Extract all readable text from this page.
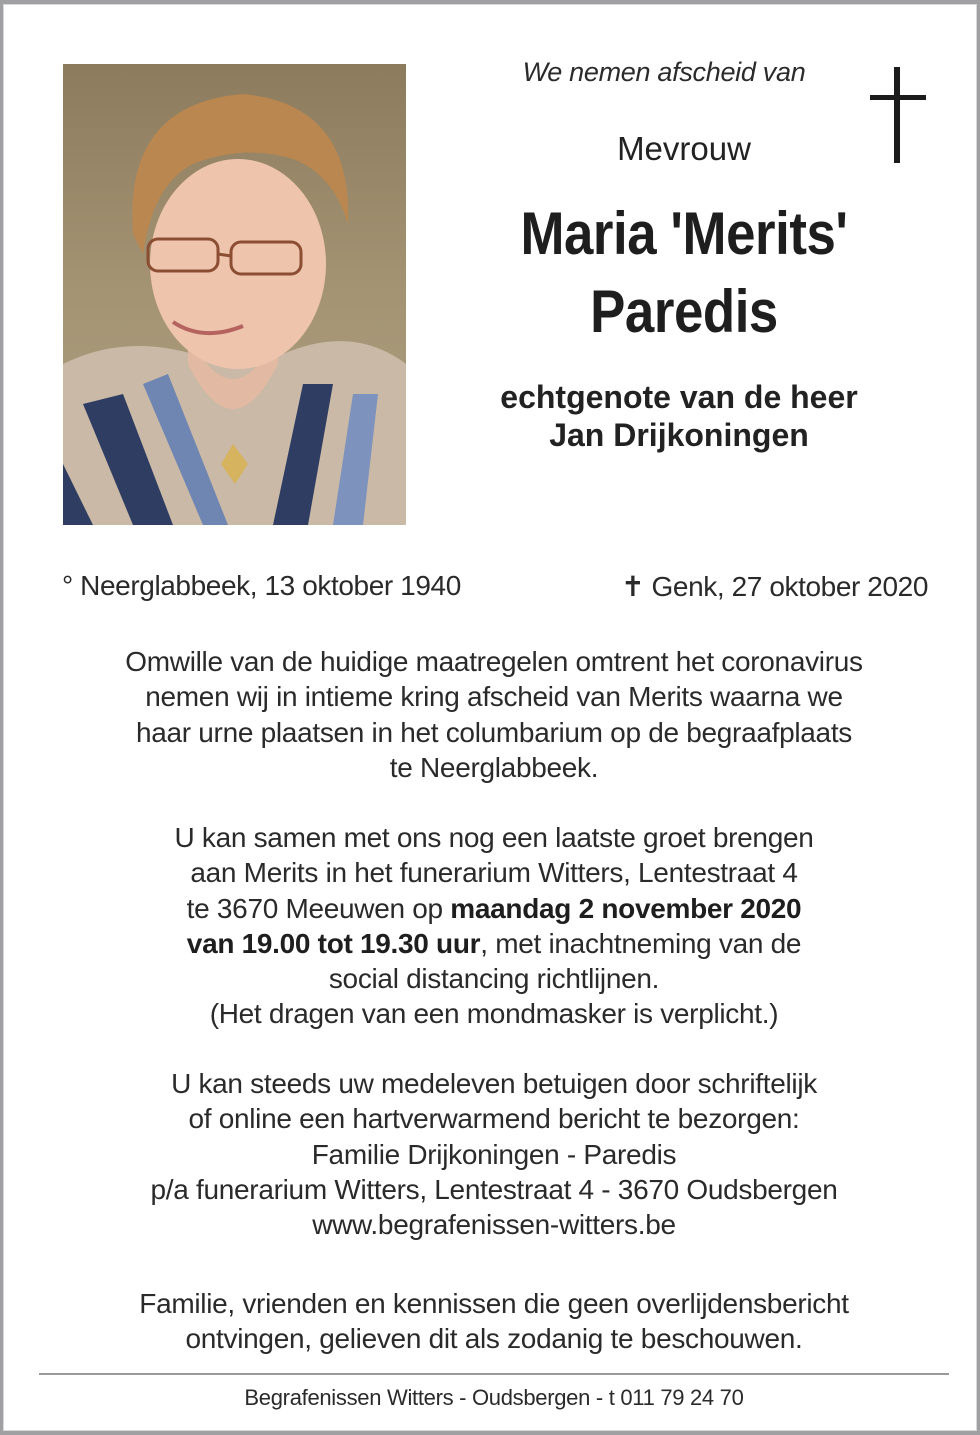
We nemen afscheid van
Mevrouw
Maria 'Merits'
Paredis
echtgenote van de heer
Jan Drijkoningen
° Neerglabbeek, 13 oktober 1940	✝ Genk, 27 oktober 2020
Omwille van de huidige maatregelen omtrent het coronavirus
nemen wij in intieme kring afscheid van Merits waarna we
haar urne plaatsen in het columbarium op de begraafplaats
te Neerglabbeek.
U kan samen met ons nog een laatste groet brengen
aan Merits in het funerarium Witters, Lentestraat 4
te 3670 Meeuwen op maandag 2 november 2020
van 19.00 tot 19.30 uur, met inachtneming van de
social distancing richtlijnen.
(Het dragen van een mondmasker is verplicht.)
U kan steeds uw medeleven betuigen door schriftelijk
of online een hartverwarmend bericht te bezorgen:
Familie Drijkoningen - Paredis
p/a funerarium Witters, Lentestraat 4 - 3670 Oudsbergen
www.begrafenissen-witters.be
Familie, vrienden en kennissen die geen overlijdensbericht
ontvingen, gelieven dit als zodanig te beschouwen.
Begrafenissen Witters - Oudsbergen - t 011 79 24 70
